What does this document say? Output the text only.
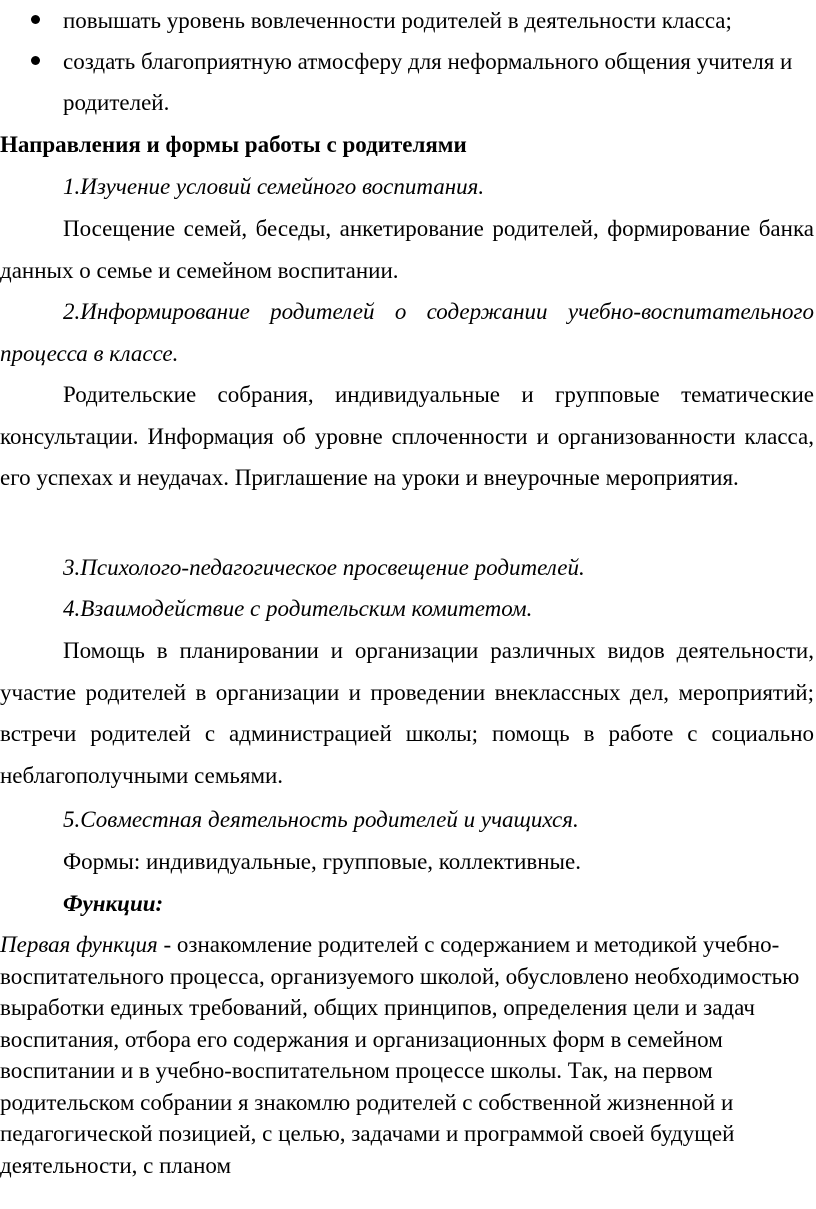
повышать уровень вовлеченности родителей в деятельности класса;
создать благоприятную атмосферу для неформального общения учителя и родителей.
Направления и формы работы с родителями
1.Изучение условий семейного воспитания.
Посещение семей, беседы, анкетирование родителей, формирование банка данных о семье и семейном воспитании.
2.Информирование родителей о содержании учебно-воспитательного процесса в классе.
Родительские собрания, индивидуальные и групповые тематические консультации. Информация об уровне сплоченности и организованности класса, его успехах и неудачах. Приглашение на уроки и внеурочные мероприятия.
3.Психолого-педагогическое просвещение родителей.
4.Взаимодействие с родительским комитетом.
Помощь в планировании и организации различных видов деятельности, участие родителей в организации и проведении внеклассных дел, мероприятий; встречи родителей с администрацией школы; помощь в работе с социально неблагополучными семьями.
5.Совместная деятельность родителей и учащихся.
Формы: индивидуальные, групповые, коллективные.
Функции:
Первая функция - ознакомление родителей с содержанием и методикой учебно-воспитательного процесса, организуемого школой, обусловлено необходимостью выработки единых требований, общих принципов, определения цели и задач воспитания, отбора его содержания и организационных форм в семейном воспитании и в учебно-воспитательном процессе школы. Так, на первом родительском собрании я знакомлю родителей с собственной жизненной и педагогической позицией, с целью, задачами и программой своей будущей деятельности, с планом
